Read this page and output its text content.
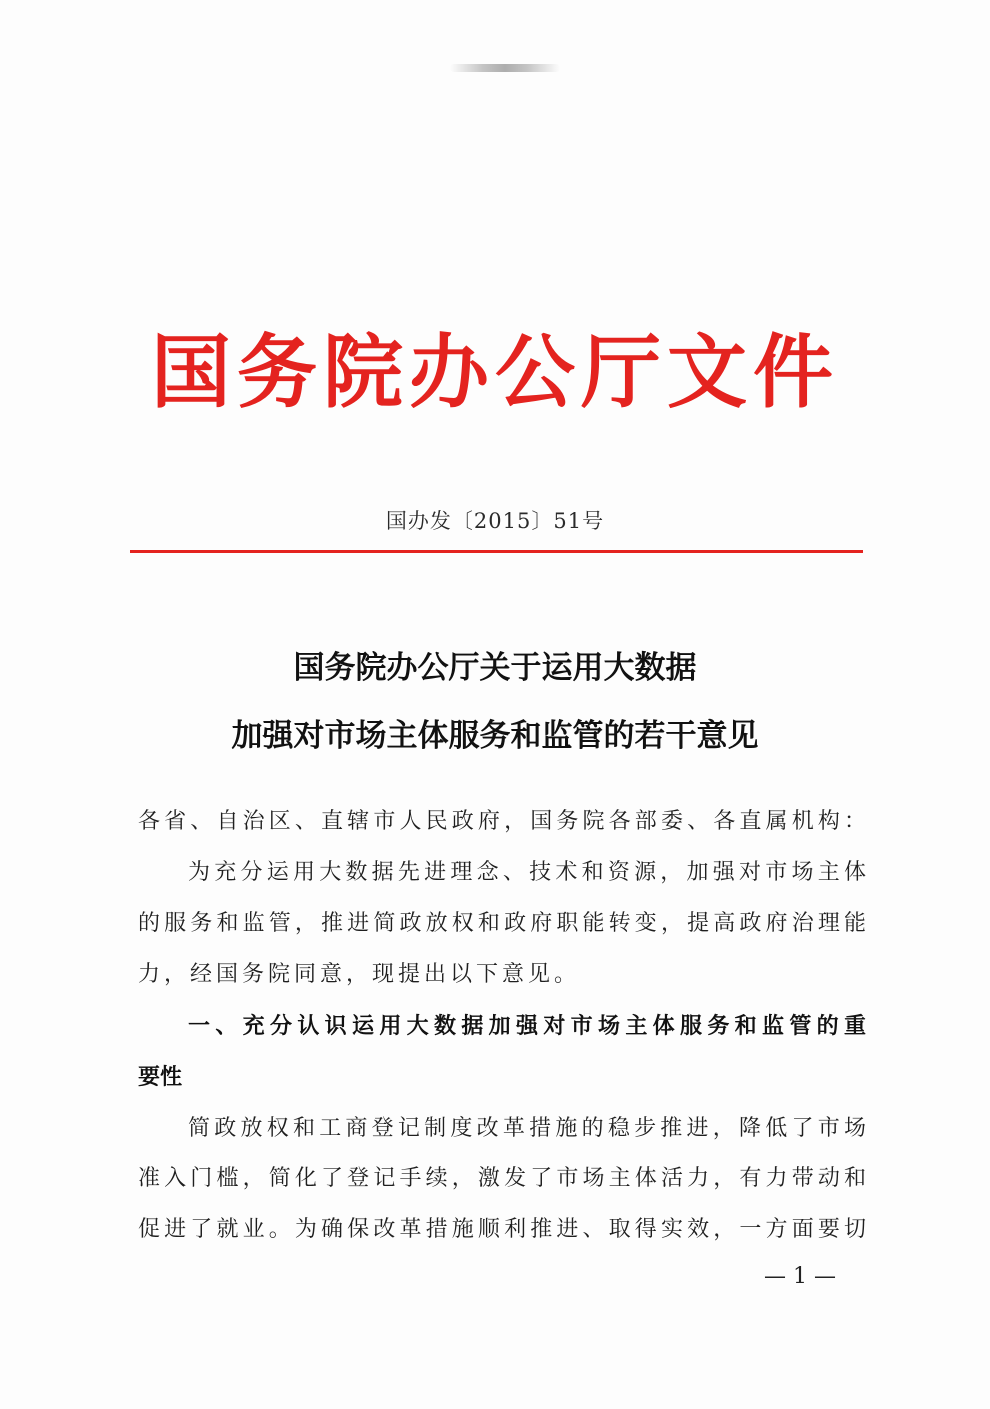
国务院办公厅文件
国办发〔2015〕51号
国务院办公厅关于运用大数据
加强对市场主体服务和监管的若干意见
各省、自治区、直辖市人民政府，国务院各部委、各直属机构：
为充分运用大数据先进理念、技术和资源，加强对市场主体
的服务和监管，推进简政放权和政府职能转变，提高政府治理能
力，经国务院同意，现提出以下意见。
一、充分认识运用大数据加强对市场主体服务和监管的重
要性
简政放权和工商登记制度改革措施的稳步推进，降低了市场
准入门槛，简化了登记手续，激发了市场主体活力，有力带动和
促进了就业。为确保改革措施顺利推进、取得实效，一方面要切
— 1 —
